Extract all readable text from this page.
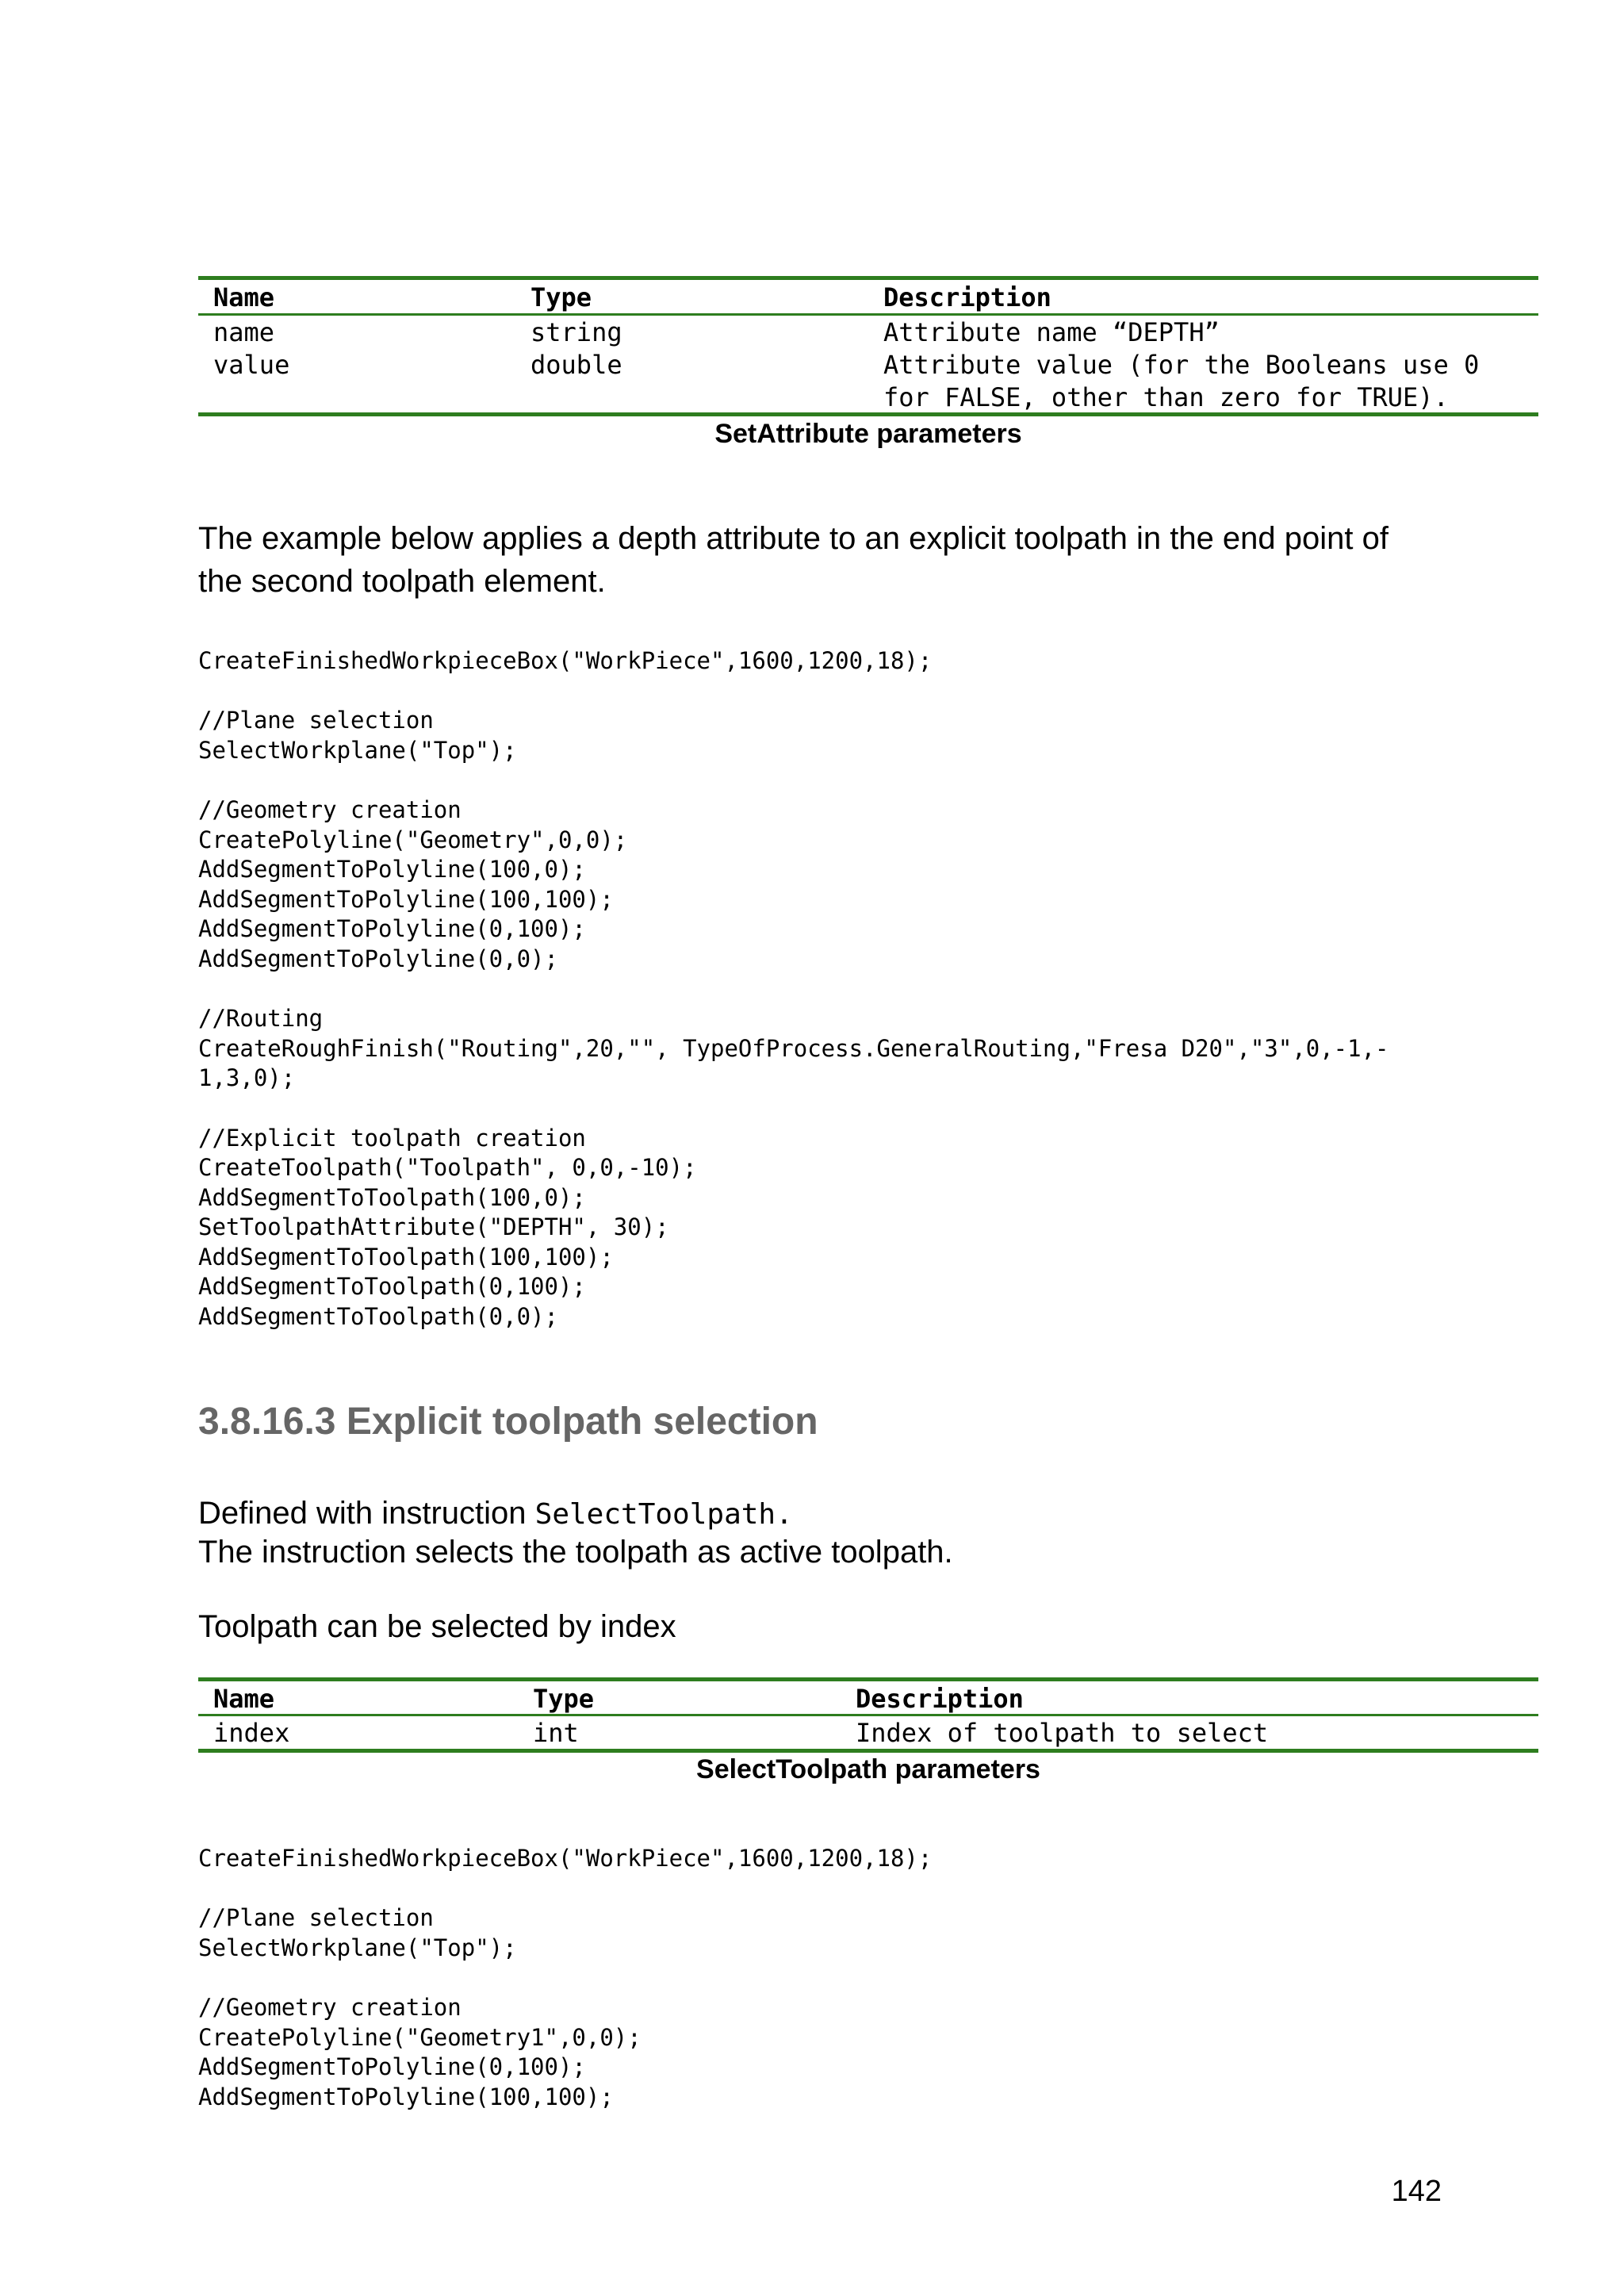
Name	Type	Description
name	string	Attribute name “DEPTH”
value	double	Attribute value (for the Booleans use 0
for FALSE, other than zero for TRUE).
SetAttribute parameters
The example below applies a depth attribute to an explicit toolpath in the end point of
the second toolpath element.
CreateFinishedWorkpieceBox("WorkPiece",1600,1200,18);

//Plane selection
SelectWorkplane("Top");

//Geometry creation
CreatePolyline("Geometry",0,0);
AddSegmentToPolyline(100,0);
AddSegmentToPolyline(100,100);
AddSegmentToPolyline(0,100);
AddSegmentToPolyline(0,0);

//Routing
CreateRoughFinish("Routing",20,"", TypeOfProcess.GeneralRouting,"Fresa D20","3",0,-1,-
1,3,0);

//Explicit toolpath creation
CreateToolpath("Toolpath", 0,0,-10);
AddSegmentToToolpath(100,0);
SetToolpathAttribute("DEPTH", 30);
AddSegmentToToolpath(100,100);
AddSegmentToToolpath(0,100);
AddSegmentToToolpath(0,0);
3.8.16.3 Explicit toolpath selection
Defined with instruction SelectToolpath.
The instruction selects the toolpath as active toolpath.
Toolpath can be selected by index
Name	Type	Description
index	int	Index of toolpath to select
SelectToolpath parameters
CreateFinishedWorkpieceBox("WorkPiece",1600,1200,18);

//Plane selection
SelectWorkplane("Top");

//Geometry creation
CreatePolyline("Geometry1",0,0);
AddSegmentToPolyline(0,100);
AddSegmentToPolyline(100,100);
142
